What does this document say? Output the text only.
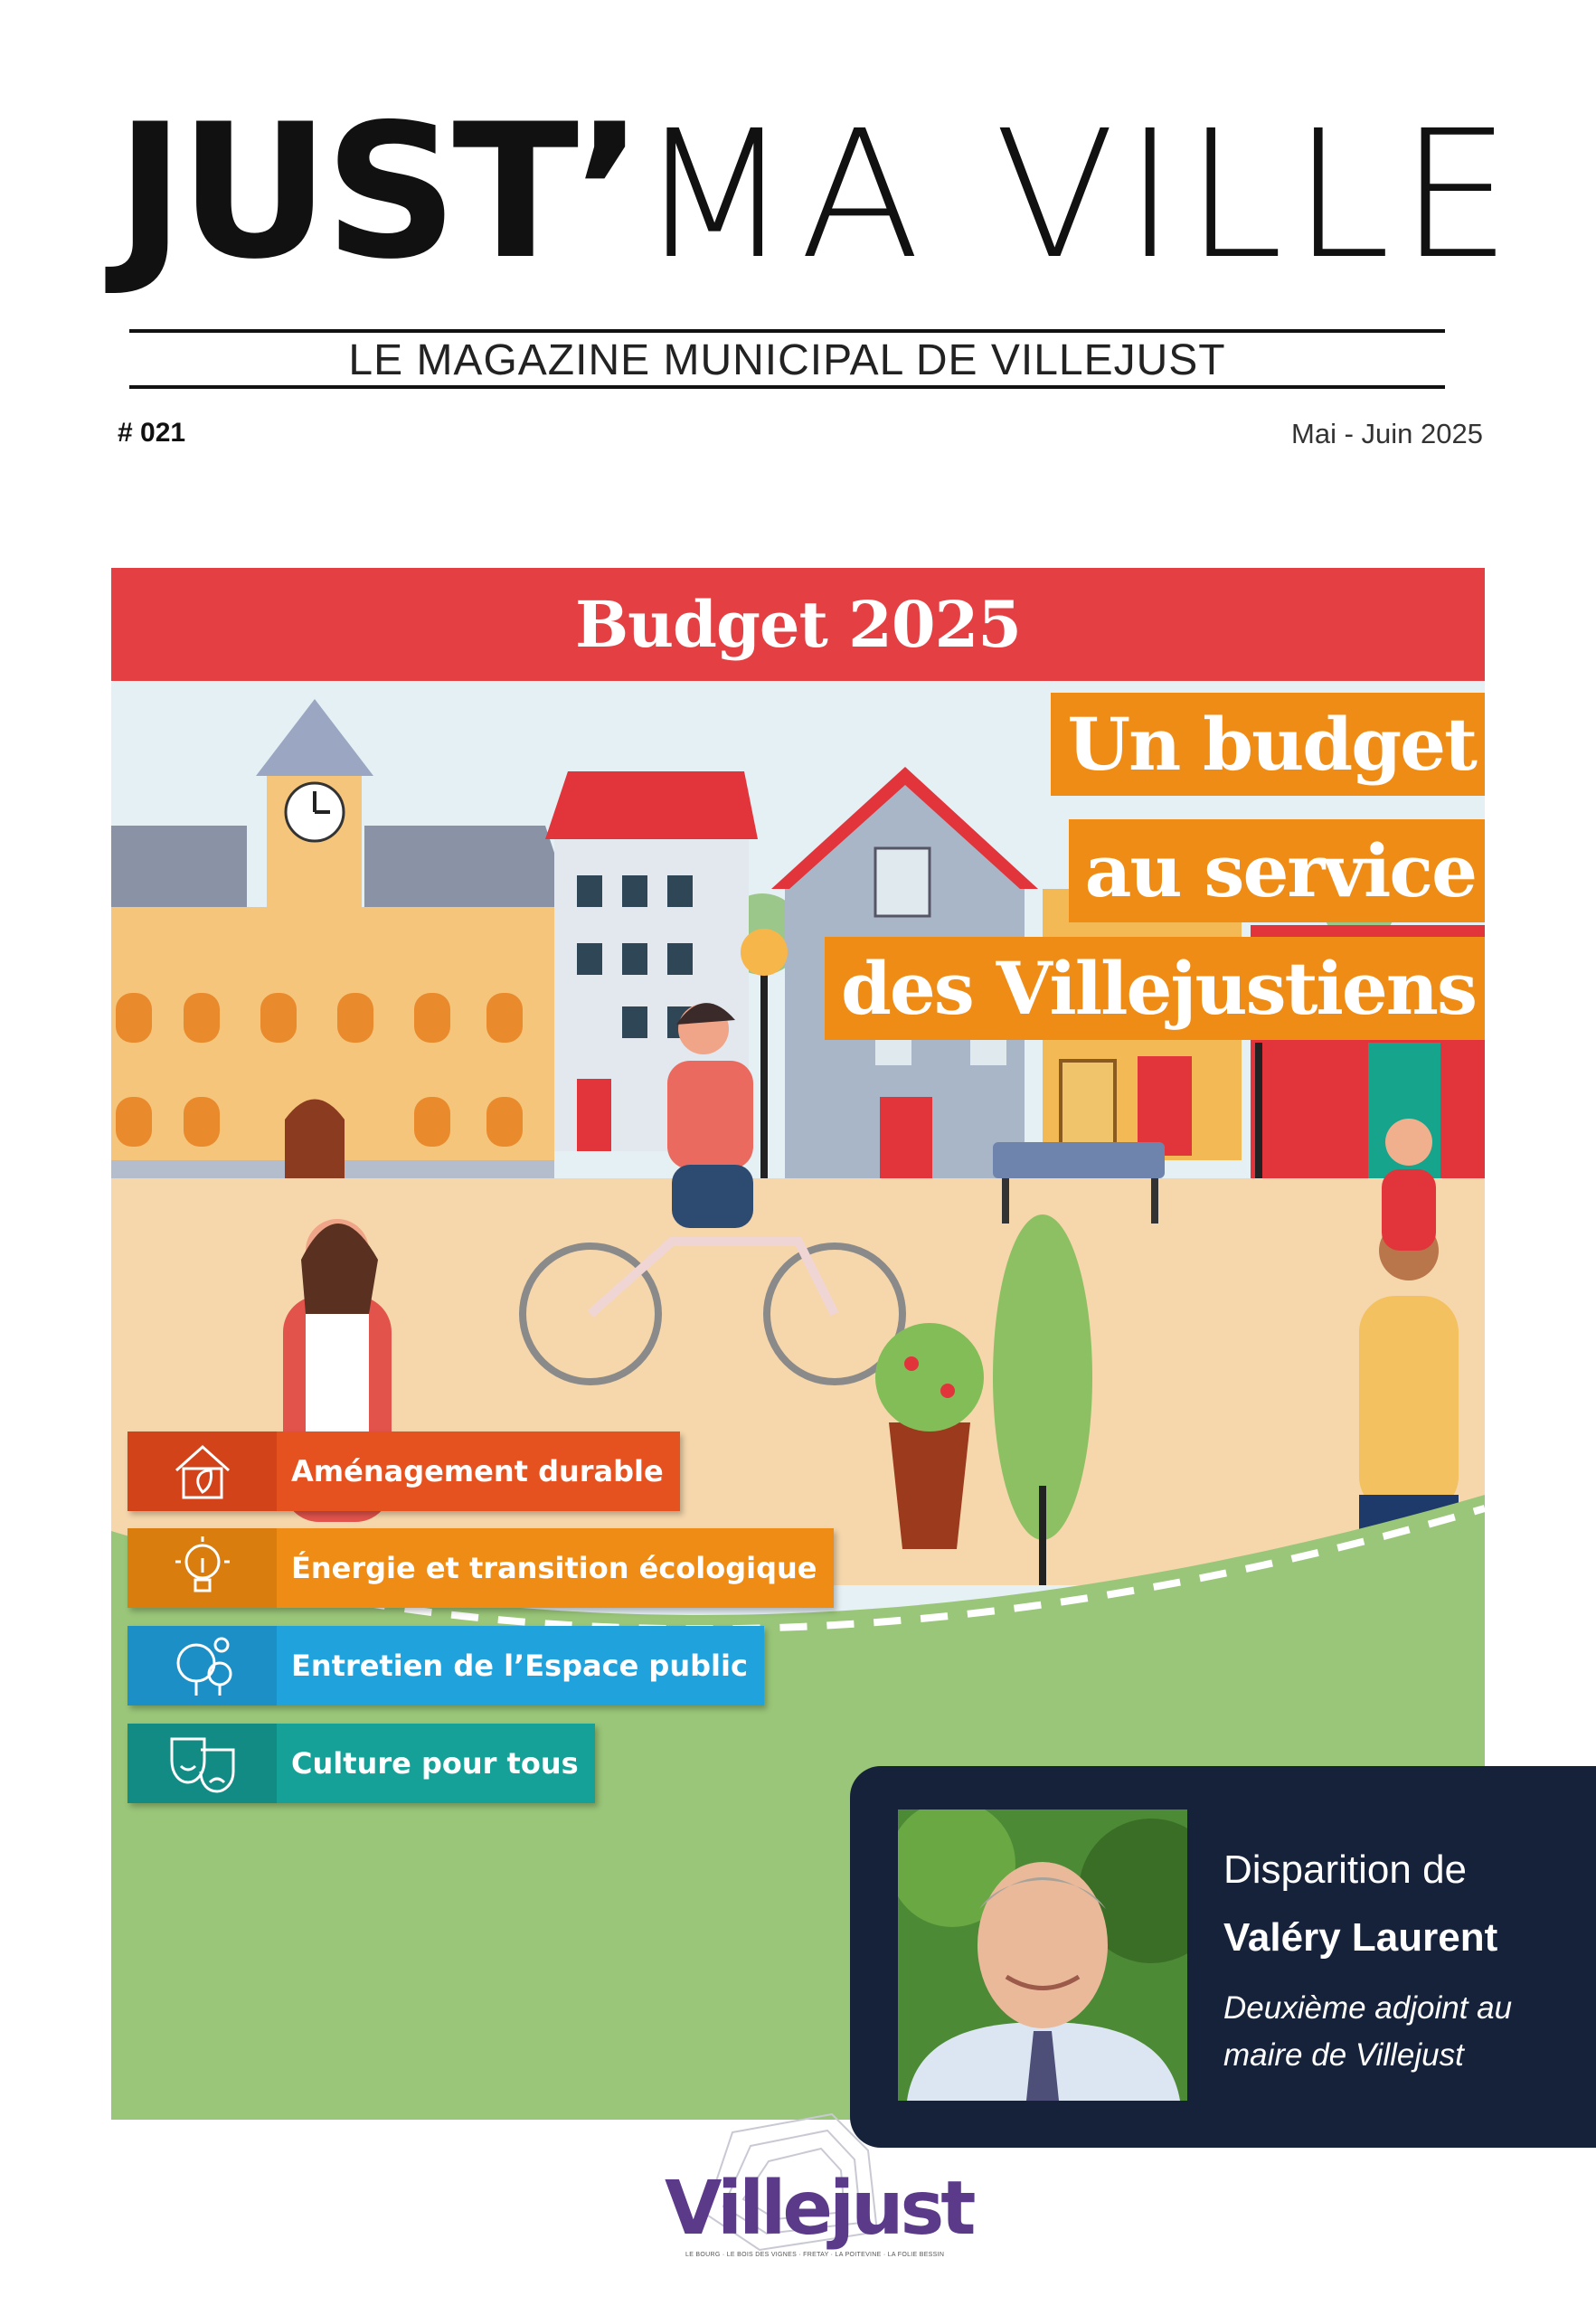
JUST’MA VILLE
LE MAGAZINE MUNICIPAL DE VILLEJUST
# 021	Mai - Juin 2025
Budget 2025
Un budget
au service
des Villejustiens
Aménagement durable
Énergie et transition écologique
Entretien de l’Espace public
Culture pour tous
Disparition de
Valéry Laurent
Deuxième adjoint au maire de Villejust
Villejust
LE BOURG · LE BOIS DES VIGNES · FRETAY · LA POITEVINE · LA FOLIE BESSIN
